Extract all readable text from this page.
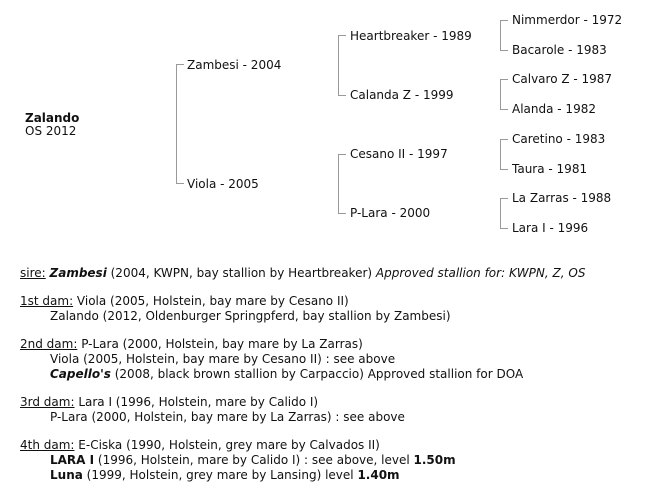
Zalando
OS 2012
Zambesi - 2004
Viola - 2005
Heartbreaker - 1989
Calanda Z - 1999
Cesano II - 1997
P-Lara - 2000
Nimmerdor - 1972
Bacarole - 1983
Calvaro Z - 1987
Alanda - 1982
Caretino - 1983
Taura - 1981
La Zarras - 1988
Lara I - 1996

sire: Zambesi (2004, KWPN, bay stallion by Heartbreaker) Approved stallion for: KWPN, Z, OS

1st dam: Viola (2005, Holstein, bay mare by Cesano II)

Zalando (2012, Oldenburger Springpferd, bay stallion by Zambesi)

2nd dam: P-Lara (2000, Holstein, bay mare by La Zarras)

Viola (2005, Holstein, bay mare by Cesano II) : see above

Capello's (2008, black brown stallion by Carpaccio) Approved stallion for DOA

3rd dam: Lara I (1996, Holstein, mare by Calido I)

P-Lara (2000, Holstein, bay mare by La Zarras) : see above

4th dam: E-Ciska (1990, Holstein, grey mare by Calvados II)

LARA I (1996, Holstein, mare by Calido I) : see above, level 1.50m

Luna (1999, Holstein, grey mare by Lansing) level 1.40m
